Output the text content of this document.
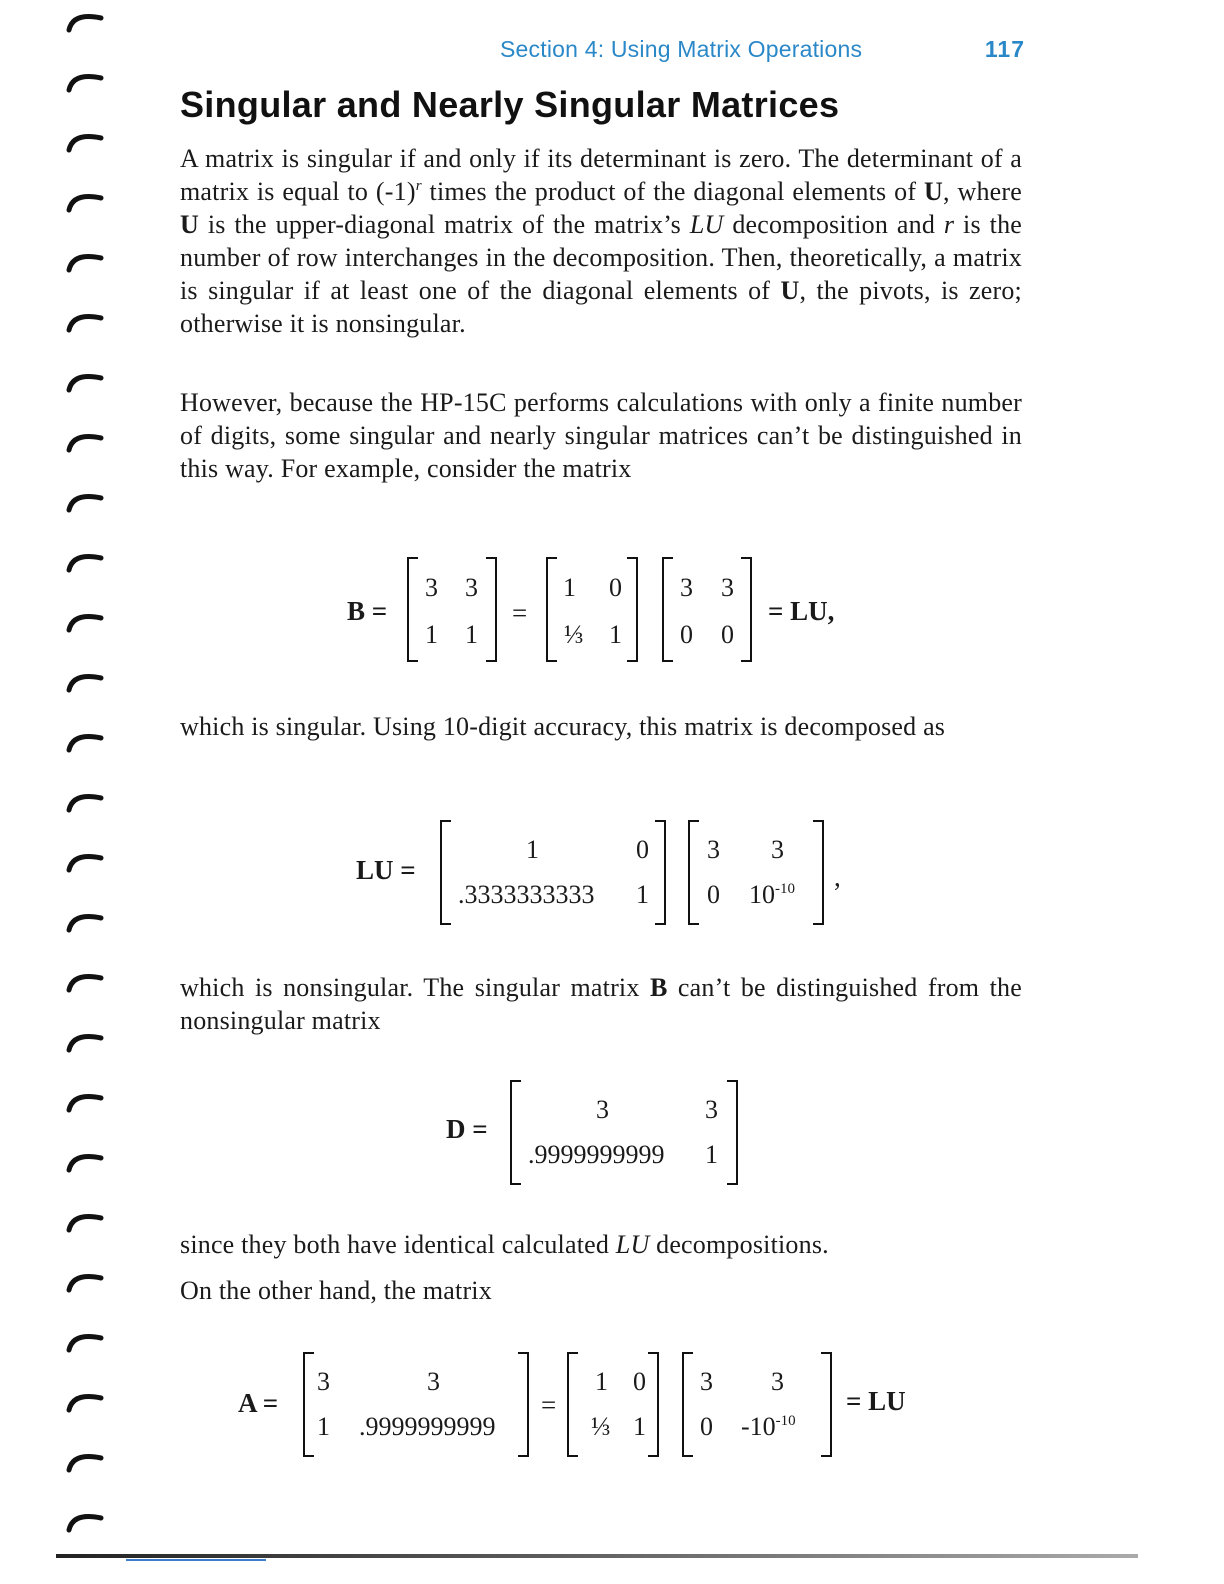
Section 4: Using Matrix Operations	117
Singular and Nearly Singular Matrices

A matrix is singular if and only if its determinant is zero. The determinant of a matrix is equal to $(-1)^r$ times the product of the diagonal elements of U, where U is the upper-diagonal matrix of the matrix’s LU decomposition and r is the number of row interchanges in the decomposition. Then, theoretically, a matrix is singular if at least one of the diagonal elements of U, the pivots, is zero; otherwise it is nonsingular.

However, because the HP-15C performs calculations with only a finite number of digits, some singular and nearly singular matrices can’t be distinguished in this way. For example, consider the matrix

B =
3 3
1 1
=
1 0
⅓ 1
3 3
0 0
= LU,

which is singular. Using 10-digit accuracy, this matrix is decomposed as

LU =
1	0
.3333333333 1
3 3
0 $10^{-10}$ ,

which is nonsingular. The singular matrix B can’t be distinguished from the nonsingular matrix

D =
3	3
.9999999999 1

since they both have identical calculated LU decompositions.

On the other hand, the matrix

A =
3	3
1 .9999999999
=
1 0
⅓ 1
3 3
0 $-10^{-10}$
= LU
